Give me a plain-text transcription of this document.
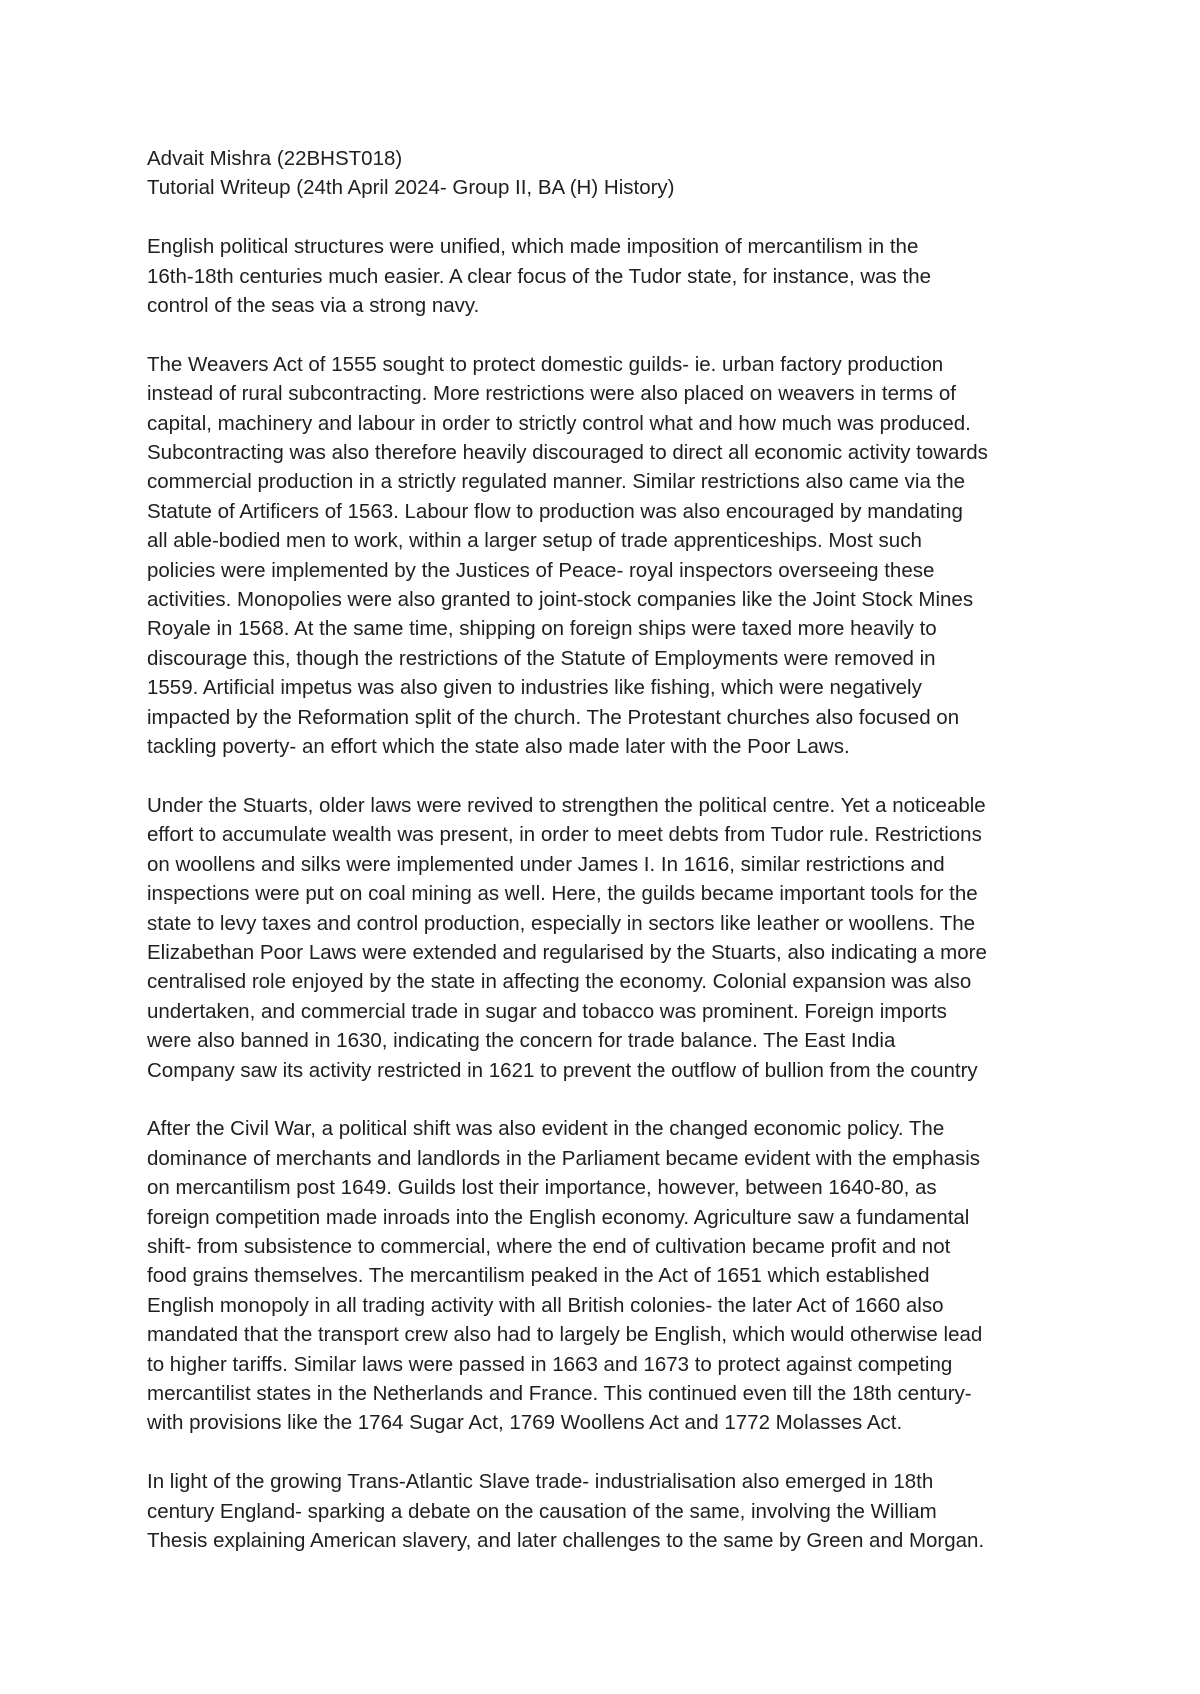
Advait Mishra (22BHST018)
Tutorial Writeup (24th April 2024- Group II, BA (H) History)
English political structures were unified, which made imposition of mercantilism in the
16th-18th centuries much easier. A clear focus of the Tudor state, for instance, was the
control of the seas via a strong navy.
The Weavers Act of 1555 sought to protect domestic guilds- ie. urban factory production
instead of rural subcontracting. More restrictions were also placed on weavers in terms of
capital, machinery and labour in order to strictly control what and how much was produced.
Subcontracting was also therefore heavily discouraged to direct all economic activity towards
commercial production in a strictly regulated manner. Similar restrictions also came via the
Statute of Artificers of 1563. Labour flow to production was also encouraged by mandating
all able-bodied men to work, within a larger setup of trade apprenticeships. Most such
policies were implemented by the Justices of Peace- royal inspectors overseeing these
activities. Monopolies were also granted to joint-stock companies like the Joint Stock Mines
Royale in 1568. At the same time, shipping on foreign ships were taxed more heavily to
discourage this, though the restrictions of the Statute of Employments were removed in
1559. Artificial impetus was also given to industries like fishing, which were negatively
impacted by the Reformation split of the church. The Protestant churches also focused on
tackling poverty- an effort which the state also made later with the Poor Laws.
Under the Stuarts, older laws were revived to strengthen the political centre. Yet a noticeable
effort to accumulate wealth was present, in order to meet debts from Tudor rule. Restrictions
on woollens and silks were implemented under James I. In 1616, similar restrictions and
inspections were put on coal mining as well. Here, the guilds became important tools for the
state to levy taxes and control production, especially in sectors like leather or woollens. The
Elizabethan Poor Laws were extended and regularised by the Stuarts, also indicating a more
centralised role enjoyed by the state in affecting the economy. Colonial expansion was also
undertaken, and commercial trade in sugar and tobacco was prominent. Foreign imports
were also banned in 1630, indicating the concern for trade balance. The East India
Company saw its activity restricted in 1621 to prevent the outflow of bullion from the country
After the Civil War, a political shift was also evident in the changed economic policy. The
dominance of merchants and landlords in the Parliament became evident with the emphasis
on mercantilism post 1649. Guilds lost their importance, however, between 1640-80, as
foreign competition made inroads into the English economy. Agriculture saw a fundamental
shift- from subsistence to commercial, where the end of cultivation became profit and not
food grains themselves. The mercantilism peaked in the Act of 1651 which established
English monopoly in all trading activity with all British colonies- the later Act of 1660 also
mandated that the transport crew also had to largely be English, which would otherwise lead
to higher tariffs. Similar laws were passed in 1663 and 1673 to protect against competing
mercantilist states in the Netherlands and France. This continued even till the 18th century-
with provisions like the 1764 Sugar Act, 1769 Woollens Act and 1772 Molasses Act.
In light of the growing Trans-Atlantic Slave trade- industrialisation also emerged in 18th
century England- sparking a debate on the causation of the same, involving the William
Thesis explaining American slavery, and later challenges to the same by Green and Morgan.
